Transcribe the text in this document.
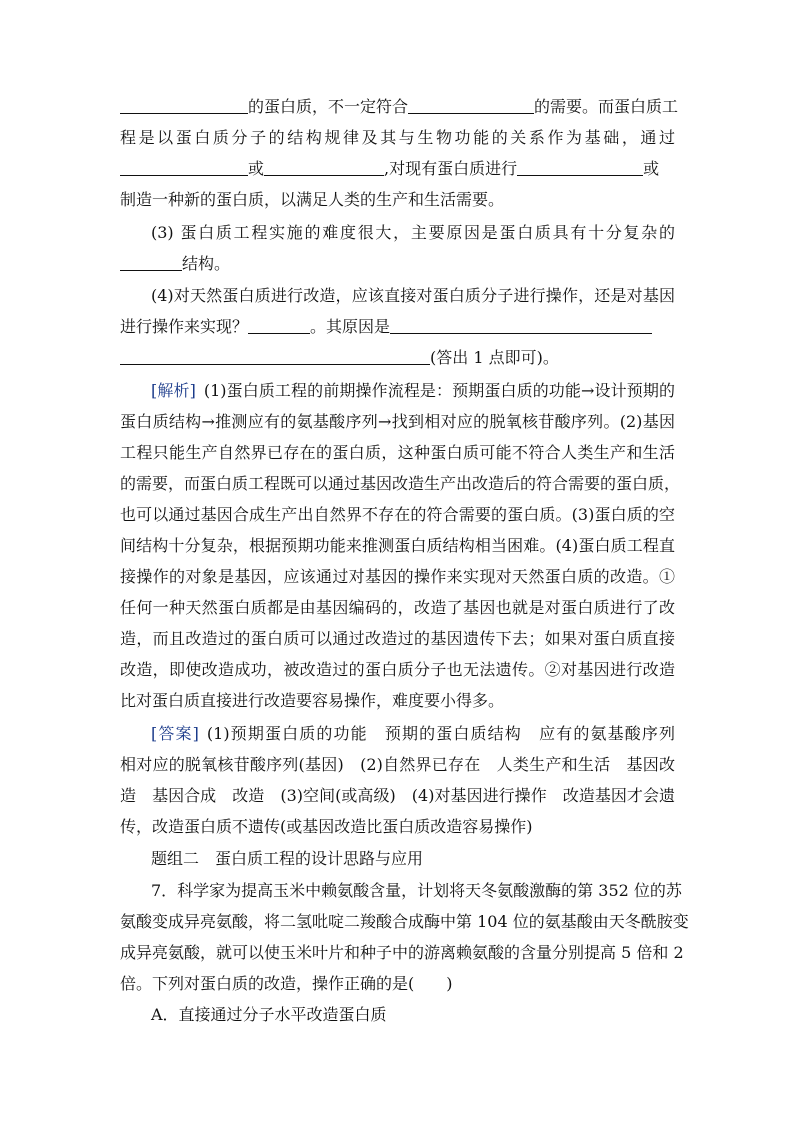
的蛋白质，不一定符合	的需要。而蛋白质工
程是以蛋白质分子的结构规律及其与生物功能的关系作为基础，通过
或	,对现有蛋白质进行	或
制造一种新的蛋白质，以满足人类的生产和生活需要。
(3) 蛋白质工程实施的难度很大，主要原因是蛋白质具有十分复杂的
结构。
(4)对天然蛋白质进行改造，应该直接对蛋白质分子进行操作，还是对基因
进行操作来实现？	。其原因是
(答出 1 点即可)。
[解析]  (1)蛋白质工程的前期操作流程是：预期蛋白质的功能→设计预期的
蛋白质结构→推测应有的氨基酸序列→找到相对应的脱氧核苷酸序列。(2)基因
工程只能生产自然界已存在的蛋白质，这种蛋白质可能不符合人类生产和生活
的需要，而蛋白质工程既可以通过基因改造生产出改造后的符合需要的蛋白质，
也可以通过基因合成生产出自然界不存在的符合需要的蛋白质。(3)蛋白质的空
间结构十分复杂，根据预期功能来推测蛋白质结构相当困难。(4)蛋白质工程直
接操作的对象是基因，应该通过对基因的操作来实现对天然蛋白质的改造。①
任何一种天然蛋白质都是由基因编码的，改造了基因也就是对蛋白质进行了改
造，而且改造过的蛋白质可以通过改造过的基因遗传下去；如果对蛋白质直接
改造，即使改造成功，被改造过的蛋白质分子也无法遗传。②对基因进行改造
比对蛋白质直接进行改造要容易操作，难度要小得多。
[答案]  (1)预期蛋白质的功能　预期的蛋白质结构　应有的氨基酸序列
相对应的脱氧核苷酸序列(基因)　(2)自然界已存在　人类生产和生活　基因改
造　基因合成　改造　(3)空间(或高级)　(4)对基因进行操作　改造基因才会遗
传，改造蛋白质不遗传(或基因改造比蛋白质改造容易操作)
题组二　蛋白质工程的设计思路与应用
7．科学家为提高玉米中赖氨酸含量，计划将天冬氨酸激酶的第 352 位的苏
氨酸变成异亮氨酸，将二氢吡啶二羧酸合成酶中第 104 位的氨基酸由天冬酰胺变
成异亮氨酸，就可以使玉米叶片和种子中的游离赖氨酸的含量分别提高 5 倍和 2
倍。下列对蛋白质的改造，操作正确的是(　　)
A．直接通过分子水平改造蛋白质
